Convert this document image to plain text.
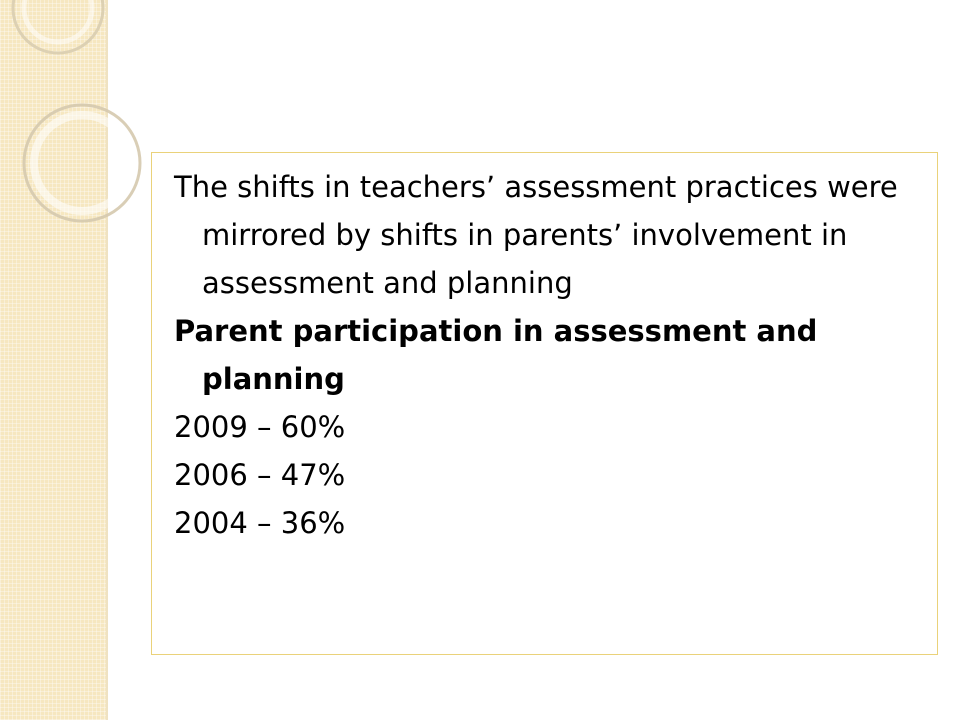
The shifts in teachers’ assessment practices were mirrored by shifts in parents’ involvement in assessment and planning

Parent participation in assessment and planning

2009 – 60%

2006 – 47%

2004 – 36%
